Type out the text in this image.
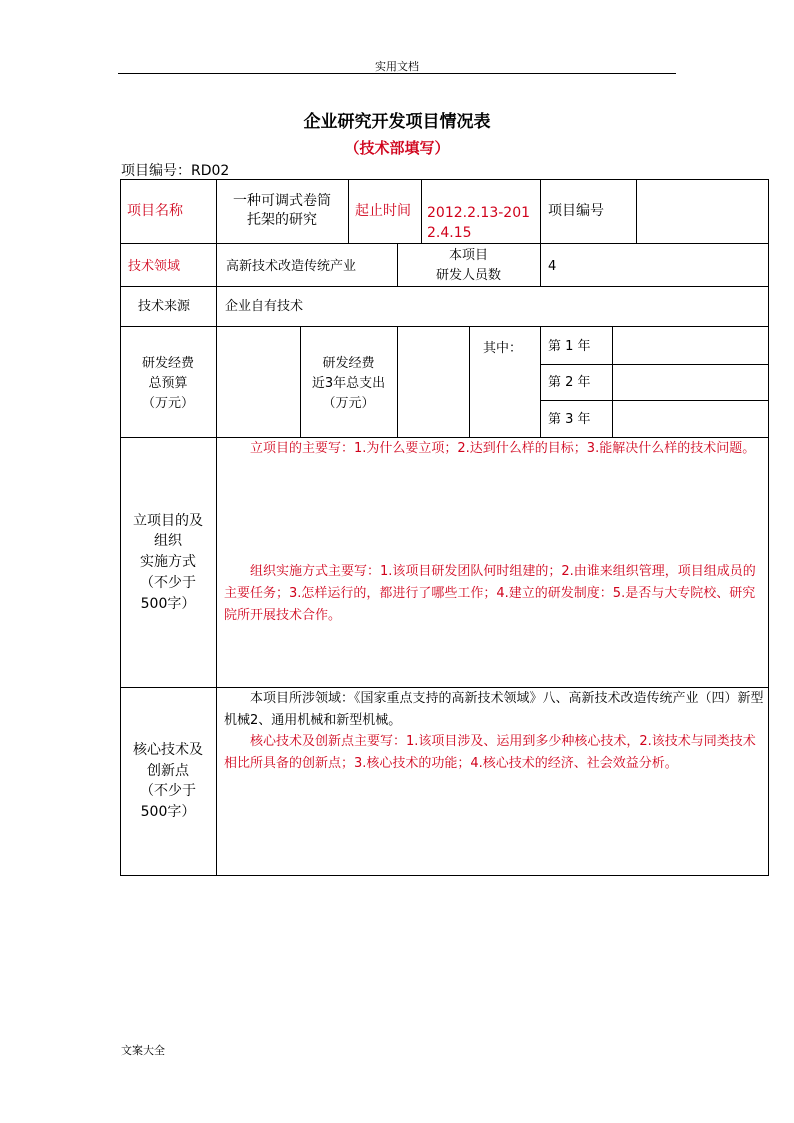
实用文档
企业研究开发项目情况表
（技术部填写）
项目编号：RD02
项目名称
一种可调式卷筒
托架的研究
起止时间 2012.2.13-201
2.4.15
项目编号
技术领域	高新技术改造传统产业
本项目
研发人员数
4
技术来源	企业自有技术
研发经费
总预算
（万元）
研发经费
近3年总支出
（万元）
其中： 第 1 年
第 2 年
第 3 年
立项目的及
组织
实施方式
（不少于
500字）
立项目的主要写：1.为什么要立项；2.达到什么样的目标；3.能解决什么样的技术问题。
组织实施方式主要写：1.该项目研发团队何时组建的；2.由谁来组织管理，项目组成员的主要任务；3.怎样运行的，都进行了哪些工作；4.建立的研发制度：5.是否与大专院校、研究院所开展技术合作。
核心技术及
创新点
（不少于
500字）
本项目所涉领域：《国家重点支持的高新技术领域》八、高新技术改造传统产业（四）新型机械2、通用机械和新型机械。
核心技术及创新点主要写：1.该项目涉及、运用到多少种核心技术，2.该技术与同类技术相比所具备的创新点；3.核心技术的功能；4.核心技术的经济、社会效益分析。
文案大全
